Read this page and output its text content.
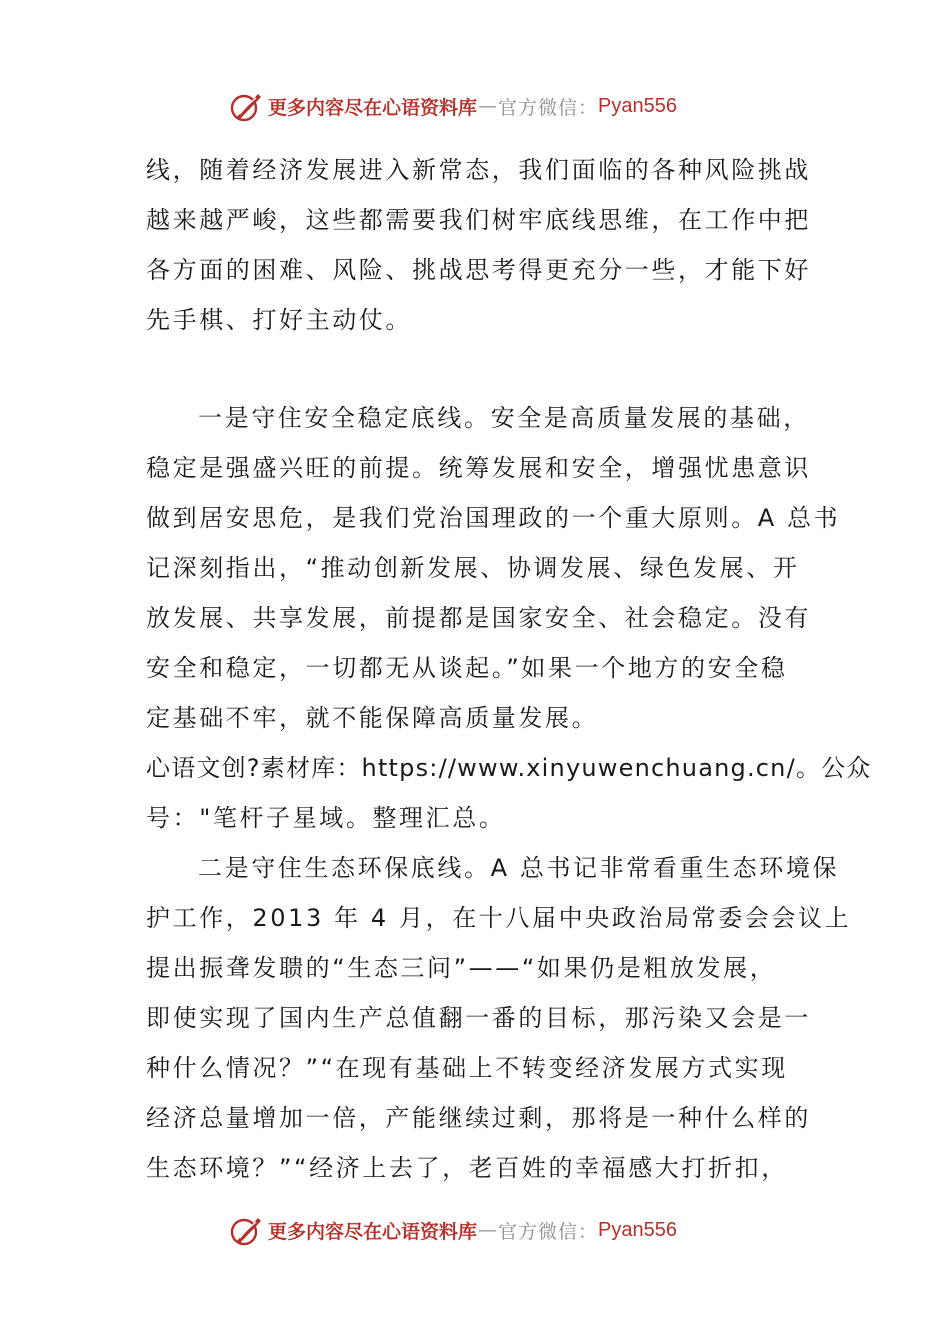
更多内容尽在心语资料库 — 官方微信： Pyan556
线，随着经济发展进入新常态，我们面临的各种风险挑战
越来越严峻，这些都需要我们树牢底线思维，在工作中把
各方面的困难、风险、挑战思考得更充分一些，才能下好
先手棋、打好主动仗。
一是守住安全稳定底线。安全是高质量发展的基础，
稳定是强盛兴旺的前提。统筹发展和安全，增强忧患意识
做到居安思危，是我们党治国理政的一个重大原则。A 总书
记深刻指出，“推动创新发展、协调发展、绿色发展、开
放发展、共享发展，前提都是国家安全、社会稳定。没有
安全和稳定，一切都无从谈起。”如果一个地方的安全稳
定基础不牢，就不能保障高质量发展。
心语文创?素材库：https://www.xinyuwenchuang.cn/。公众
号："笔杆子星域。整理汇总。
二是守住生态环保底线。A 总书记非常看重生态环境保
护工作，2013 年 4 月，在十八届中央政治局常委会会议上
提出振聋发聩的“生态三问”——“如果仍是粗放发展，
即使实现了国内生产总值翻一番的目标，那污染又会是一
种什么情况？”“在现有基础上不转变经济发展方式实现
经济总量增加一倍，产能继续过剩，那将是一种什么样的
生态环境？”“经济上去了，老百姓的幸福感大打折扣，
更多内容尽在心语资料库 — 官方微信： Pyan556
